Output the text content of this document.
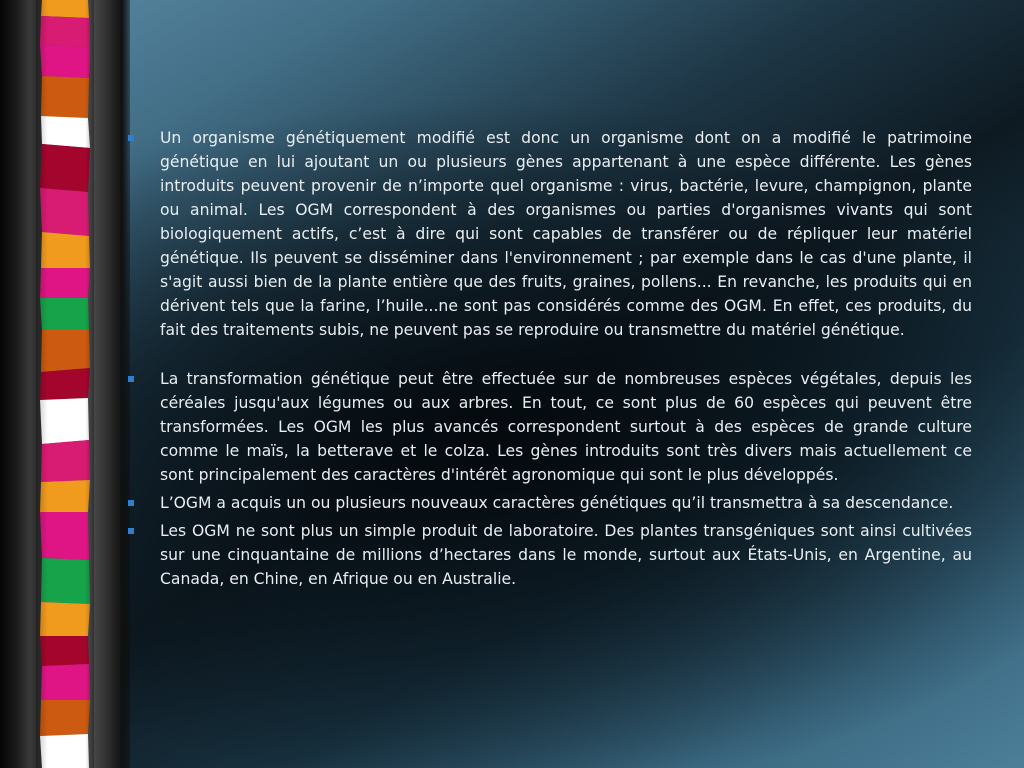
Un organisme génétiquement modifié est donc un organisme dont on a modifié le patrimoine génétique en lui ajoutant un ou plusieurs gènes appartenant à une espèce différente. Les gènes introduits peuvent provenir de n’importe quel organisme : virus, bactérie, levure, champignon, plante ou animal. Les OGM correspondent à des organismes ou parties d'organismes vivants qui sont biologiquement actifs, c’est à dire qui sont capables de transférer ou de répliquer leur matériel génétique. Ils peuvent se disséminer dans l'environnement ; par exemple dans le cas d'une plante, il s'agit aussi bien de la plante entière que des fruits, graines, pollens... En revanche, les produits qui en dérivent tels que la farine, l’huile...ne sont pas considérés comme des OGM. En effet, ces produits, du fait des traitements subis, ne peuvent pas se reproduire ou transmettre du matériel génétique.
La transformation génétique peut être effectuée sur de nombreuses espèces végétales, depuis les céréales jusqu'aux légumes ou aux arbres. En tout, ce sont plus de 60 espèces qui peuvent être transformées. Les OGM les plus avancés correspondent surtout à des espèces de grande culture comme le maïs, la betterave et le colza. Les gènes introduits sont très divers mais actuellement ce sont principalement des caractères d'intérêt agronomique qui sont le plus développés.
L’OGM a acquis un ou plusieurs nouveaux caractères génétiques qu’il transmettra à sa descendance.
Les OGM ne sont plus un simple produit de laboratoire. Des plantes transgéniques sont ainsi cultivées sur une cinquantaine de millions d’hectares dans le monde, surtout aux États-Unis, en Argentine, au Canada, en Chine, en Afrique ou en Australie.
